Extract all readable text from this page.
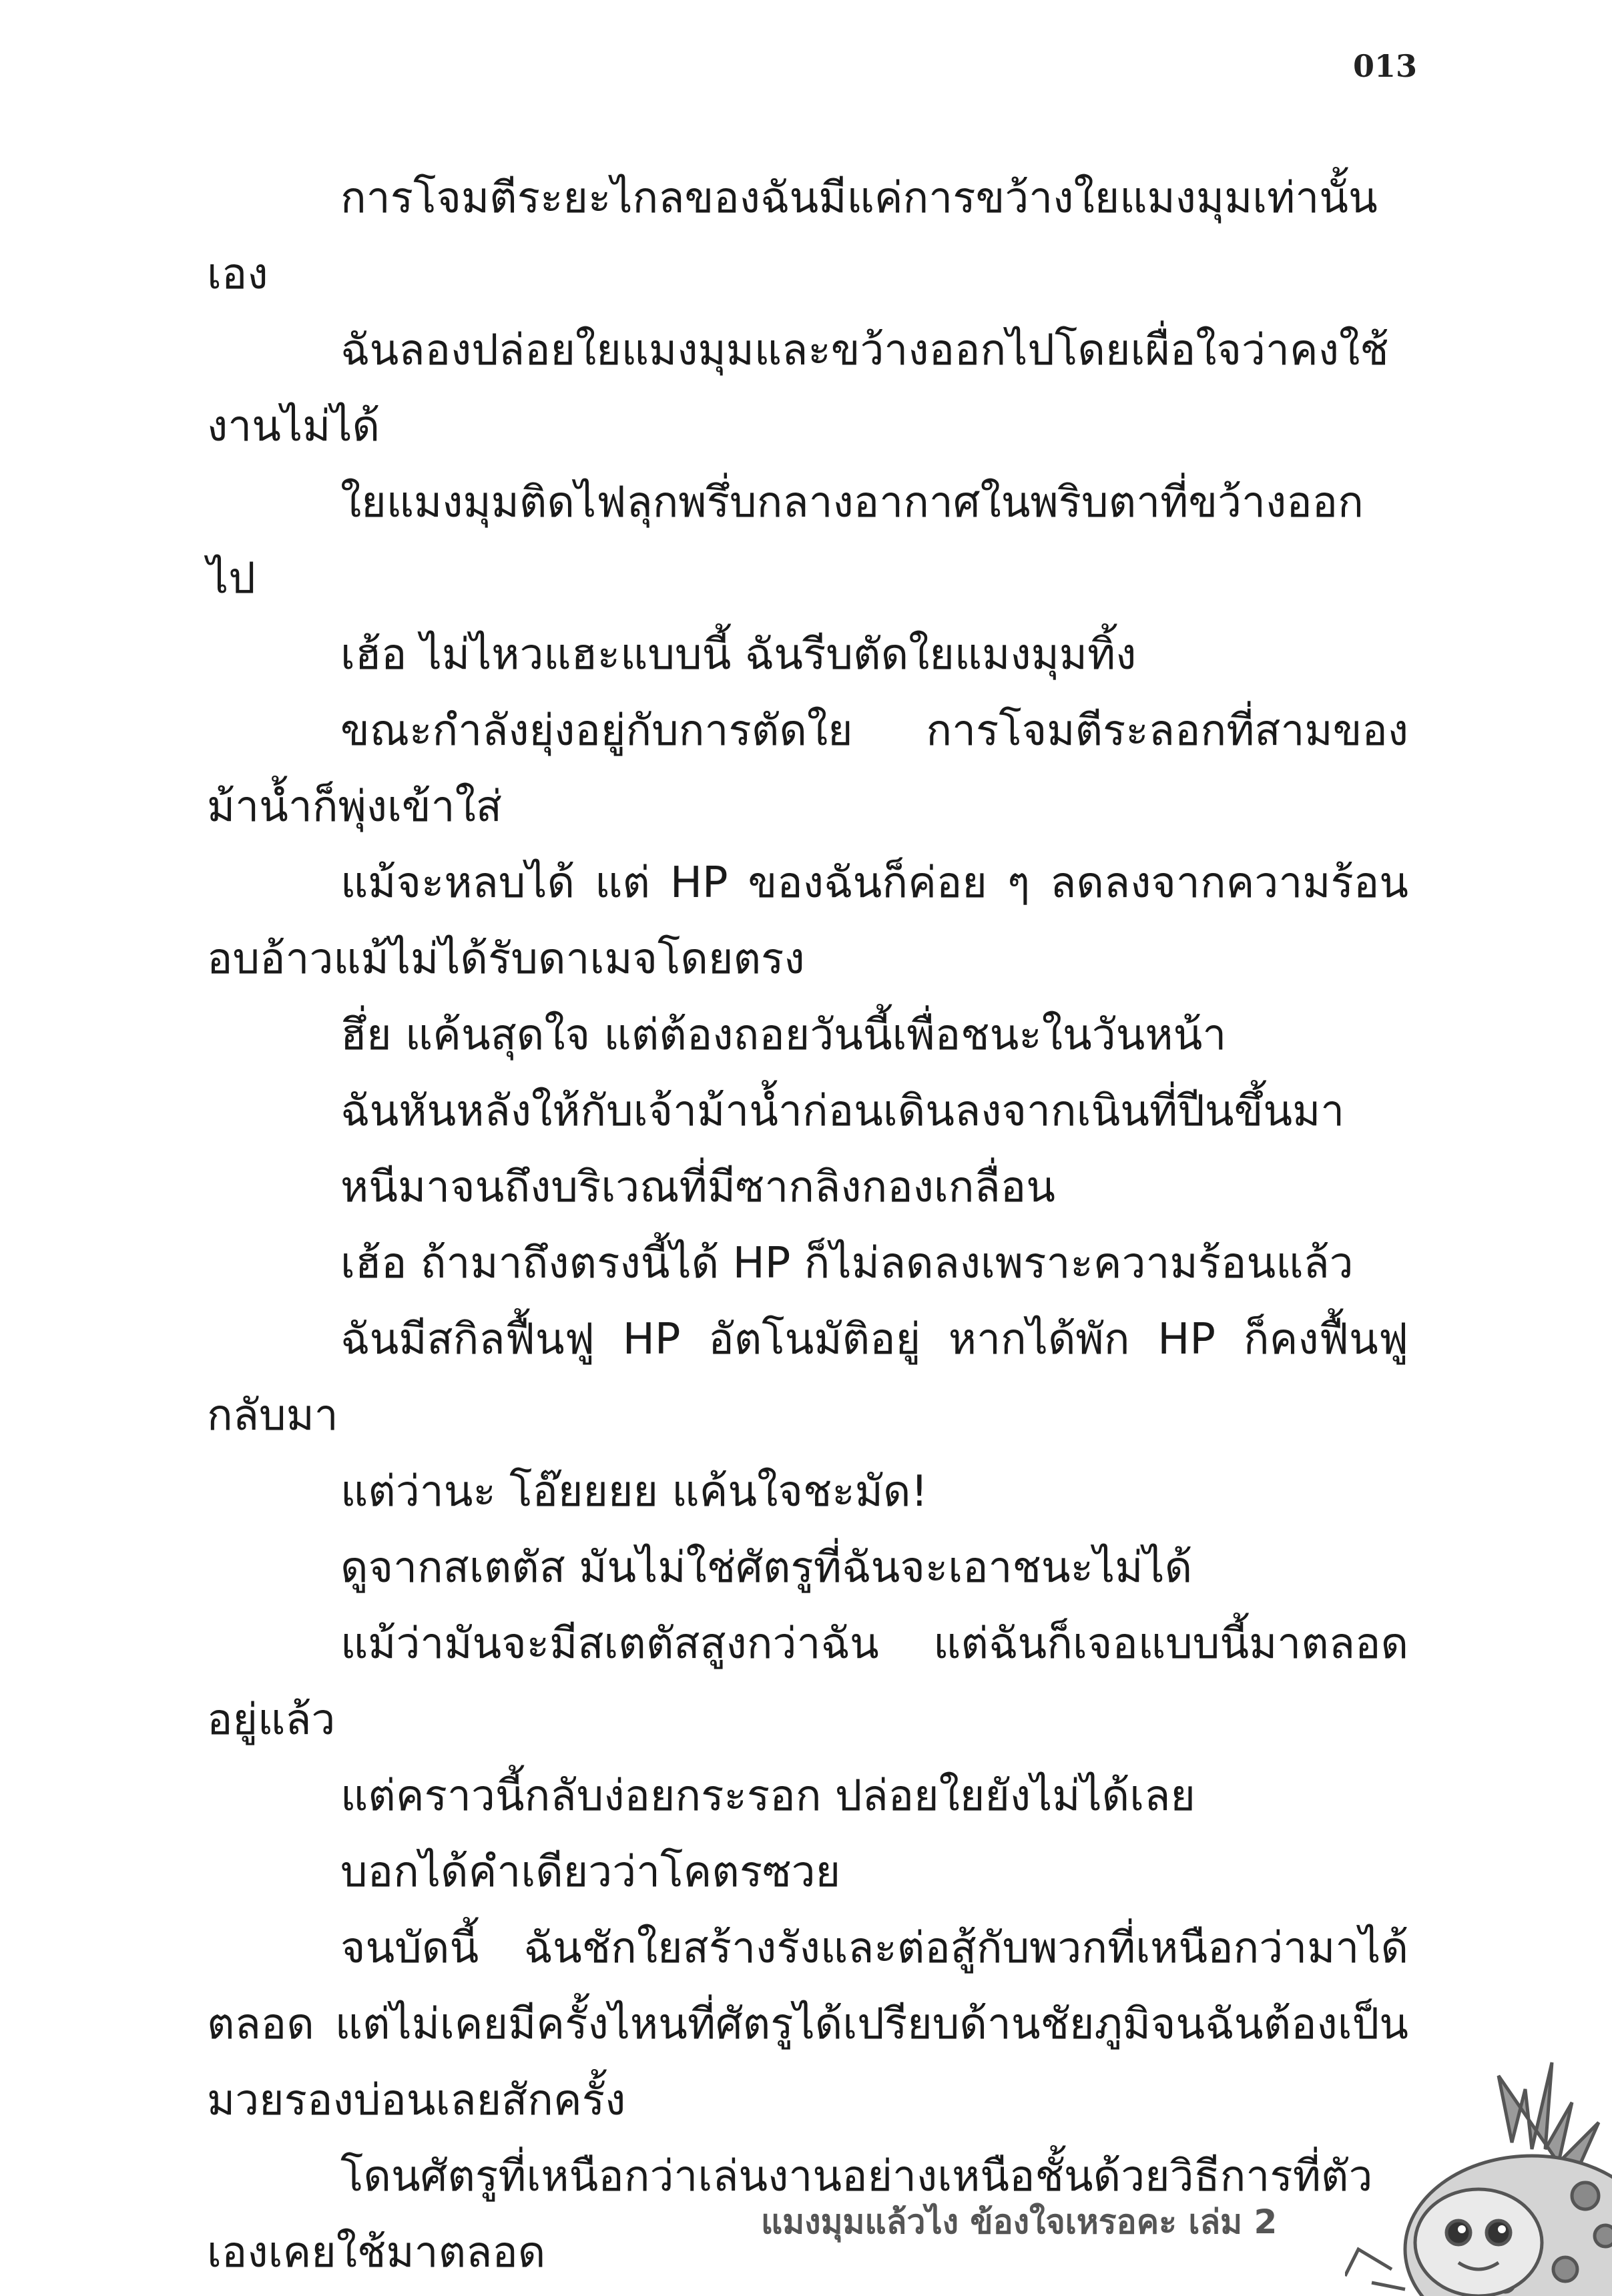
013

การโจมตีระยะไกลของฉันมีแค่การขว้างใยแมงมุมเท่านั้นเอง

ฉันลองปล่อยใยแมงมุมและขว้างออกไปโดยเผื่อใจว่าคงใช้งานไม่ได้

ใยแมงมุมติดไฟลุกพรึ่บกลางอากาศในพริบตาที่ขว้างออกไป

เฮ้อ ไม่ไหวแฮะแบบนี้ ฉันรีบตัดใยแมงมุมทิ้ง

ขณะกำลังยุ่งอยู่กับการตัดใย การโจมตีระลอกที่สามของม้าน้ำก็พุ่งเข้าใส่

แม้จะหลบได้ แต่ HP ของฉันก็ค่อย ๆ ลดลงจากความร้อนอบอ้าวแม้ไม่ได้รับดาเมจโดยตรง

ฮึ่ย แค้นสุดใจ แต่ต้องถอยวันนี้เพื่อชนะในวันหน้า

ฉันหันหลังให้กับเจ้าม้าน้ำก่อนเดินลงจากเนินที่ปีนขึ้นมา

หนีมาจนถึงบริเวณที่มีซากลิงกองเกลื่อน

เฮ้อ ถ้ามาถึงตรงนี้ได้ HP ก็ไม่ลดลงเพราะความร้อนแล้ว

ฉันมีสกิลฟื้นฟู HP อัตโนมัติอยู่ หากได้พัก HP ก็คงฟื้นฟูกลับมา

แต่ว่านะ โอ๊ยยยย แค้นใจชะมัด!

ดูจากสเตตัส มันไม่ใช่ศัตรูที่ฉันจะเอาชนะไม่ได้

แม้ว่ามันจะมีสเตตัสสูงกว่าฉัน แต่ฉันก็เจอแบบนี้มาตลอดอยู่แล้ว

แต่คราวนี้กลับง่อยกระรอก ปล่อยใยยังไม่ได้เลย

บอกได้คำเดียวว่าโคตรซวย

จนบัดนี้ ฉันชักใยสร้างรังและต่อสู้กับพวกที่เหนือกว่ามาได้ตลอด แต่ไม่เคยมีครั้งไหนที่ศัตรูได้เปรียบด้านชัยภูมิจนฉันต้องเป็นมวยรองบ่อนเลยสักครั้ง

โดนศัตรูที่เหนือกว่าเล่นงานอย่างเหนือชั้นด้วยวิธีการที่ตัวเองเคยใช้มาตลอด

แมงมุมแล้วไง ข้องใจเหรอคะ เล่ม 2
